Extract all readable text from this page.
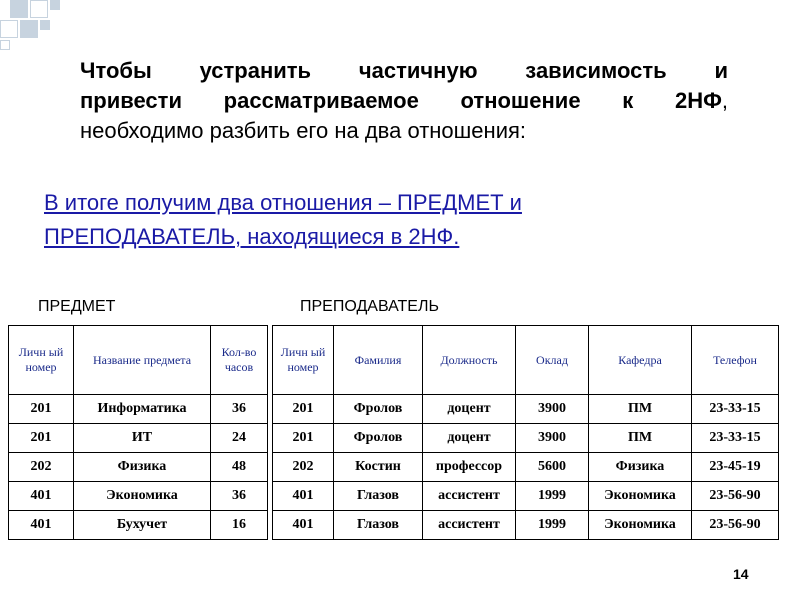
Чтобы устранить частичную зависимость и
привести рассматриваемое отношение к 2НФ,
необходимо разбить его на два отношения:
В итоге получим два отношения – ПРЕДМЕТ и
ПРЕПОДАВАТЕЛЬ, находящиеся в 2НФ.
ПРЕДМЕТ	ПРЕПОДАВАТЕЛЬ
Личн ый номер	Название предмета	Кол-во часов
201	Информатика	36
201	ИТ	24
202	Физика	48
401	Экономика	36
401	Бухучет	16
Личн ый номер	Фамилия	Должность	Оклад	Кафедра	Телефон
201	Фролов	доцент	3900	ПМ	23-33-15
201	Фролов	доцент	3900	ПМ	23-33-15
202	Костин	профессор	5600	Физика	23-45-19
401	Глазов	ассистент	1999	Экономика	23-56-90
401	Глазов	ассистент	1999	Экономика	23-56-90
14
